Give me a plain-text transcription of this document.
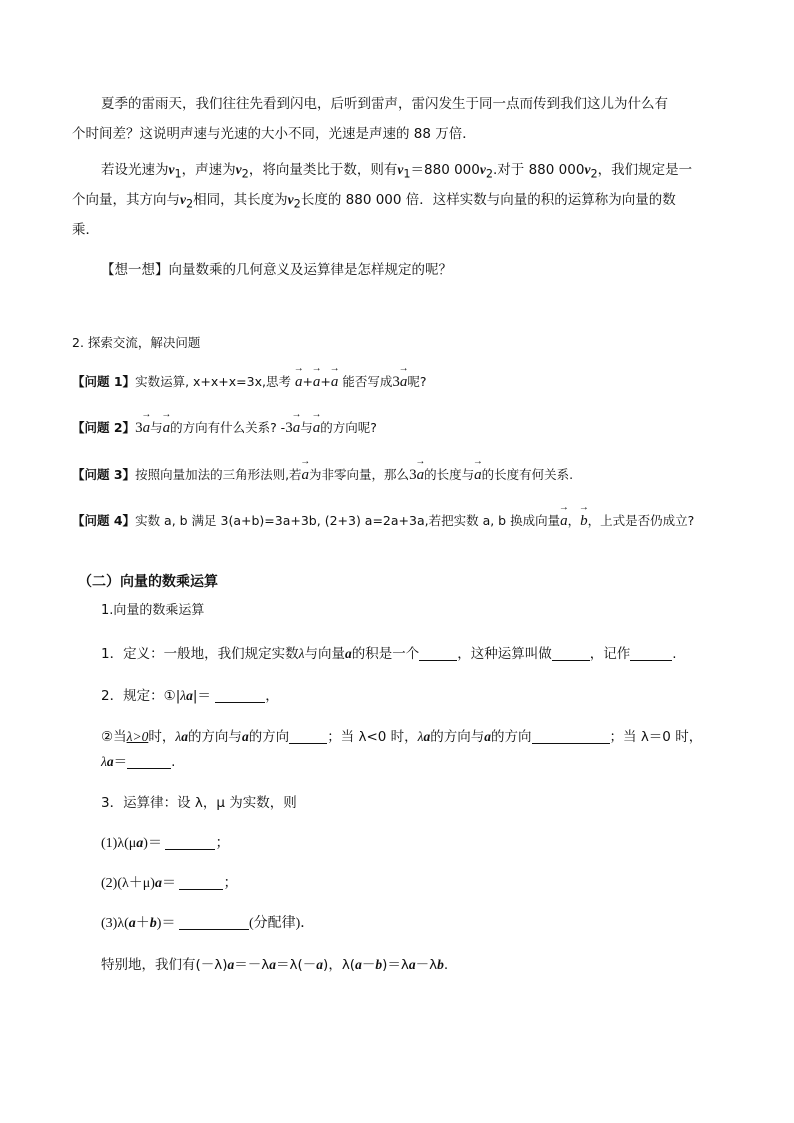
夏季的雷雨天，我们往往先看到闪电，后听到雷声，雷闪发生于同一点而传到我们这儿为什么有
个时间差？这说明声速与光速的大小不同，光速是声速的 88 万倍．
若设光速为$v_1$，声速为$v_2$，将向量类比于数，则有$v_1=880$ $000v_2$.对于 880 $000v_2$，我们规定是一
个向量，其方向与$v_2$相同，其长度为$v_2$长度的 880 000 倍．这样实数与向量的积的运算称为向量的数
乘．
【想一想】向量数乘的几何意义及运算律是怎样规定的呢？
2. 探索交流，解决问题
【问题 1】实数运算, x+x+x=3x,思考 → a+→ a+→ a 能否写成3→ a呢?
【问题 2】3→ a与→ a的方向有什么关系? -3→ a与→ a的方向呢?
【问题 3】按照向量加法的三角形法则,若→ a为非零向量，那么3→ a的长度与→ a的长度有何关系.
【问题 4】实数 a, b 满足 3(a+b)=3a+3b, (2+3) a=2a+3a,若把实数 a, b 换成向量→ a，→ b，上式是否仍成立?
（二）向量的数乘运算
1.向量的数乘运算
1．定义：一般地，我们规定实数λ与向量a的积是一个	，这种运算叫做	，记作	.
2．规定：①|λa|＝	，
②当λ>0时，λa的方向与a的方向	；当 λ<0 时，λa的方向与a的方向	；当 λ＝0 时，
λa＝	.
3．运算律：设 λ，μ 为实数，则
(1)λ(μa)＝	；
(2)(λ＋μ)a＝	；
(3)λ(a＋b)＝	(分配律)．
特别地，我们有(－λ)a＝－λa＝λ(－a)，λ(a－b)＝λa－λb.
